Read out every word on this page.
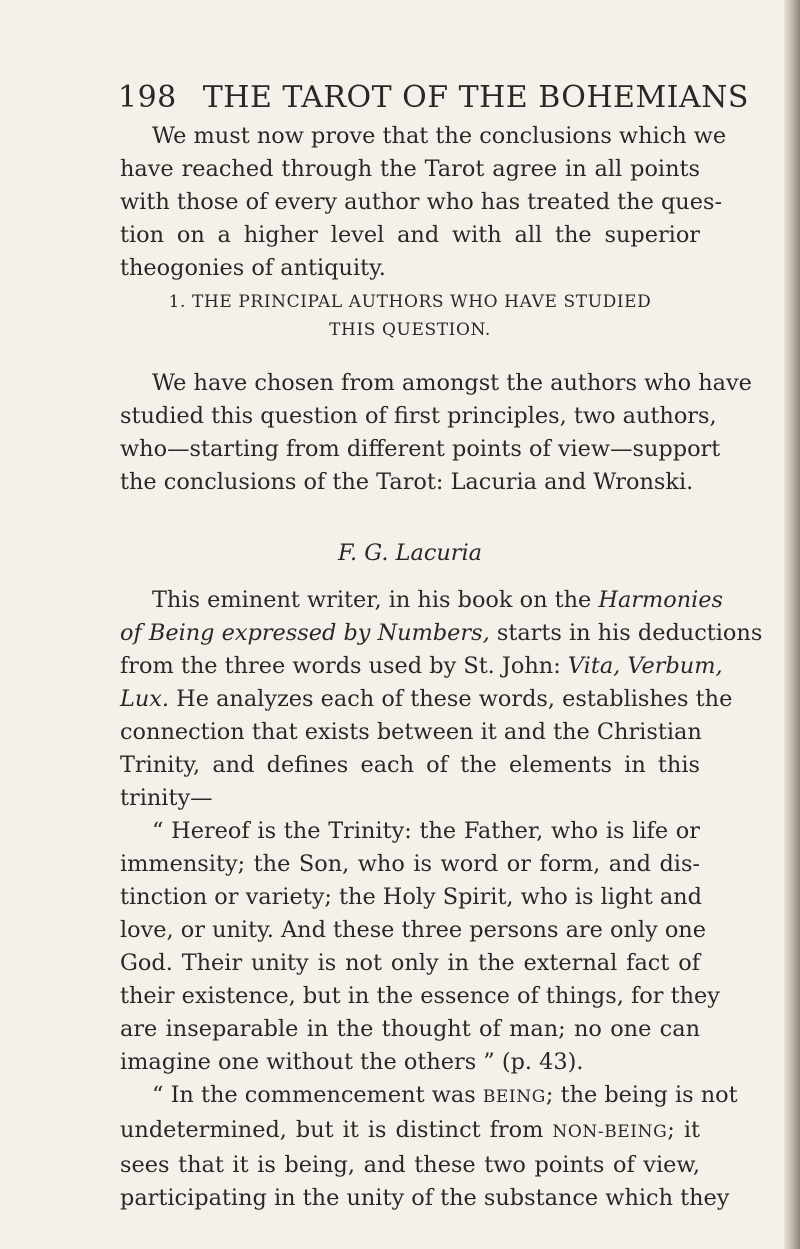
198 THE TAROT OF THE BOHEMIANS
We must now prove that the conclusions which we
have reached through the Tarot agree in all points
with those of every author who has treated the ques-
tion on a higher level and with all the superior
theogonies of antiquity.
1. THE PRINCIPAL AUTHORS WHO HAVE STUDIED
THIS QUESTION.
We have chosen from amongst the authors who have
studied this question of first principles, two authors,
who—starting from different points of view—support
the conclusions of the Tarot: Lacuria and Wronski.
F. G. Lacuria
This eminent writer, in his book on the Harmonies
of Being expressed by Numbers, starts in his deductions
from the three words used by St. John: Vita, Verbum,
Lux. He analyzes each of these words, establishes the
connection that exists between it and the Christian
Trinity, and defines each of the elements in this
trinity—
“ Hereof is the Trinity: the Father, who is life or
immensity; the Son, who is word or form, and dis-
tinction or variety; the Holy Spirit, who is light and
love, or unity. And these three persons are only one
God. Their unity is not only in the external fact of
their existence, but in the essence of things, for they
are inseparable in the thought of man; no one can
imagine one without the others ” (p. 43).
“ In the commencement was BEING; the being is not
undetermined, but it is distinct from NON-BEING; it
sees that it is being, and these two points of view,
participating in the unity of the substance which they
